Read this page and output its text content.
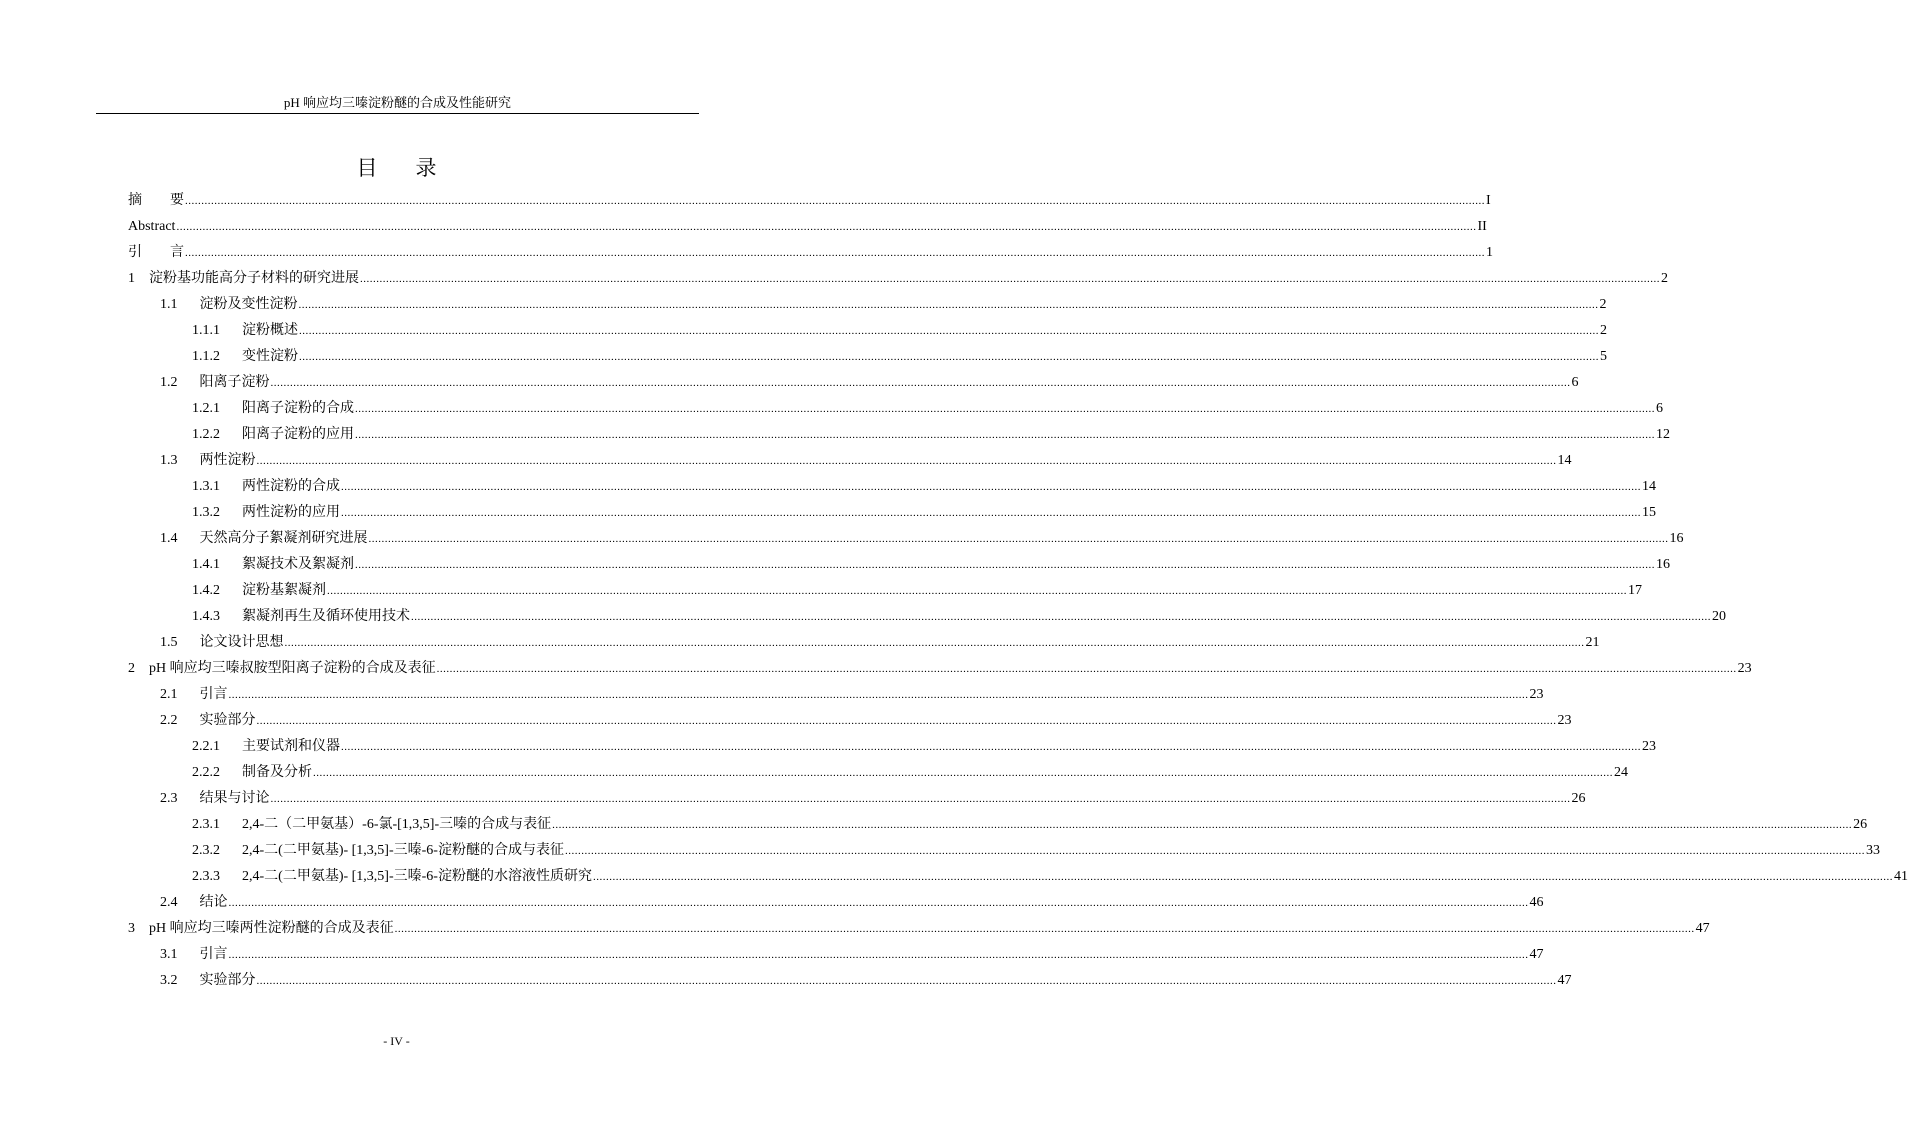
pH 响应均三嗪淀粉醚的合成及性能研究
目 录
摘　　要 ................................................................................................................................................................................................................................................................................................................................................................................................................ I
Abstract ................................................................................................................................................................................................................................................................................................................................................................................................................ II
引　　言 ................................................................................................................................................................................................................................................................................................................................................................................................................ 1
1 淀粉基功能高分子材料的研究进展 ................................................................................................................................................................................................................................................................................................................................................................................................................ 2
1.1 淀粉及变性淀粉 ................................................................................................................................................................................................................................................................................................................................................................................................................ 2
1.1.1 淀粉概述 ................................................................................................................................................................................................................................................................................................................................................................................................................ 2
1.1.2 变性淀粉 ................................................................................................................................................................................................................................................................................................................................................................................................................ 5
1.2 阳离子淀粉 ................................................................................................................................................................................................................................................................................................................................................................................................................ 6
1.2.1 阳离子淀粉的合成 ................................................................................................................................................................................................................................................................................................................................................................................................................ 6
1.2.2 阳离子淀粉的应用 ................................................................................................................................................................................................................................................................................................................................................................................................................ 12
1.3 两性淀粉 ................................................................................................................................................................................................................................................................................................................................................................................................................ 14
1.3.1 两性淀粉的合成 ................................................................................................................................................................................................................................................................................................................................................................................................................ 14
1.3.2 两性淀粉的应用 ................................................................................................................................................................................................................................................................................................................................................................................................................ 15
1.4 天然高分子絮凝剂研究进展 ................................................................................................................................................................................................................................................................................................................................................................................................................ 16
1.4.1 絮凝技术及絮凝剂 ................................................................................................................................................................................................................................................................................................................................................................................................................ 16
1.4.2 淀粉基絮凝剂 ................................................................................................................................................................................................................................................................................................................................................................................................................ 17
1.4.3 絮凝剂再生及循环使用技术 ................................................................................................................................................................................................................................................................................................................................................................................................................ 20
1.5 论文设计思想 ................................................................................................................................................................................................................................................................................................................................................................................................................ 21
2 pH 响应均三嗪叔胺型阳离子淀粉的合成及表征 ................................................................................................................................................................................................................................................................................................................................................................................................................ 23
2.1 引言 ................................................................................................................................................................................................................................................................................................................................................................................................................ 23
2.2 实验部分 ................................................................................................................................................................................................................................................................................................................................................................................................................ 23
2.2.1 主要试剂和仪器 ................................................................................................................................................................................................................................................................................................................................................................................................................ 23
2.2.2 制备及分析 ................................................................................................................................................................................................................................................................................................................................................................................................................ 24
2.3 结果与讨论 ................................................................................................................................................................................................................................................................................................................................................................................................................ 26
2.3.1 2,4-二（二甲氨基）-6-氯-[1,3,5]-三嗪的合成与表征 ................................................................................................................................................................................................................................................................................................................................................................................................................ 26
2.3.2 2,4-二(二甲氨基)- [1,3,5]-三嗪-6-淀粉醚的合成与表征 ................................................................................................................................................................................................................................................................................................................................................................................................................ 33
2.3.3 2,4-二(二甲氨基)- [1,3,5]-三嗪-6-淀粉醚的水溶液性质研究 ................................................................................................................................................................................................................................................................................................................................................................................................................ 41
2.4 结论 ................................................................................................................................................................................................................................................................................................................................................................................................................ 46
3 pH 响应均三嗪两性淀粉醚的合成及表征 ................................................................................................................................................................................................................................................................................................................................................................................................................ 47
3.1 引言 ................................................................................................................................................................................................................................................................................................................................................................................................................ 47
3.2 实验部分 ................................................................................................................................................................................................................................................................................................................................................................................................................ 47
- IV -
